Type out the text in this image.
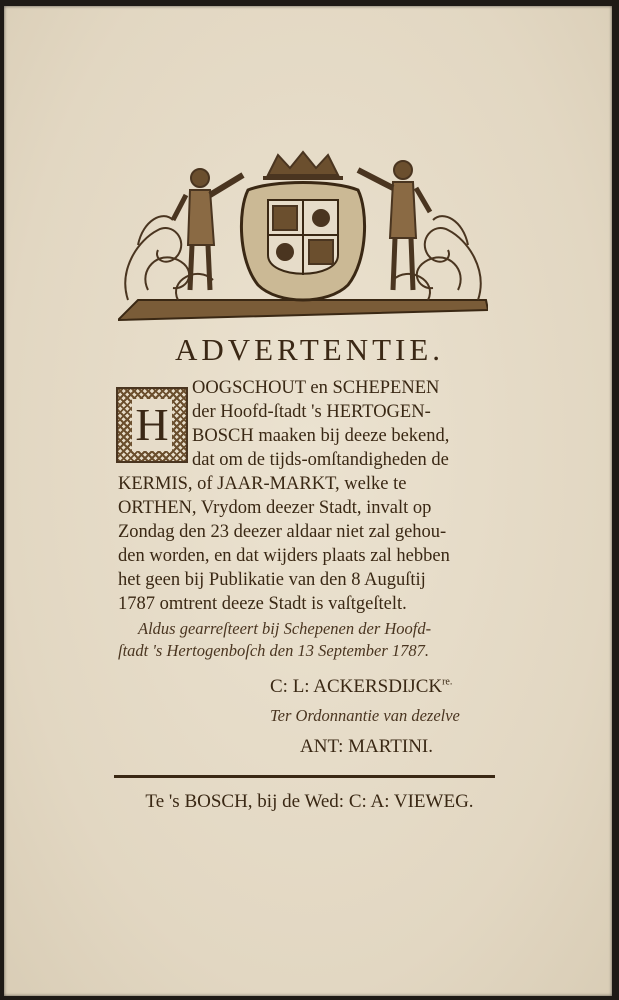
ADVERTENTIE.
H
OOGSCHOUT en SCHEPENEN
der Hoofd-ſtadt 's HERTOGEN-
BOSCH maaken bij deeze bekend,
dat om de tijds-omſtandigheden de
KERMIS, of JAAR-MARKT, welke te
ORTHEN, Vrydom deezer Stadt, invalt op
Zondag den 23 deezer aldaar niet zal gehou-
den worden, en dat wijders plaats zal hebben
het geen bij Publikatie van den 8 Auguſtij
1787 omtrent deeze Stadt is vaſtgeſtelt.
Aldus gearreſteert bij Schepenen der Hoofd-
ſtadt 's Hertogenboſch den 13 September 1787.
C: L: $ACKERSDIJCK^{re.}$
Ter Ordonnantie van dezelve
ANT: MARTINI.
Te 's BOSCH, bij de Wed: C: A: VIEWEG.
